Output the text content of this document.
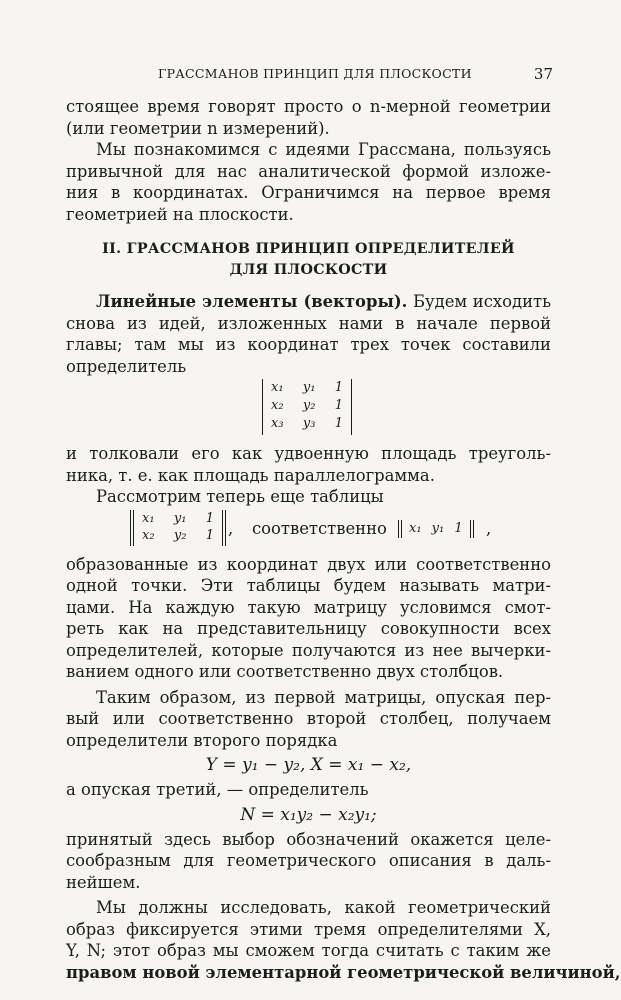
ГРАССМАНОВ ПРИНЦИП ДЛЯ ПЛОСКОСТИ	37
стоящее время говорят просто о n-мерной геометрии
(или геометрии n измерений).
Мы познакомимся с идеями Грассмана, пользуясь
привычной для нас аналитической формой изложе-
ния в координатах. Ограничимся на первое время
геометрией на плоскости.
II. ГРАССМАНОВ ПРИНЦИП ОПРЕДЕЛИТЕЛЕЙ
ДЛЯ ПЛОСКОСТИ
Линейные элементы (векторы). Будем исходить
снова из идей, изложенных нами в начале первой
главы; там мы из координат трех точек составили
определитель
x₁ y₁ 1
x₂ y₂ 1
x₃ y₃ 1
и толковали его как удвоенную площадь треуголь-
ника, т. е. как площадь параллелограмма.
Рассмотрим теперь еще таблицы
x₁ y₁ 1
x₂ y₂ 1 , соответственно	x₁ y₁ 1	,
образованные из координат двух или соответственно
одной точки. Эти таблицы будем называть матри-
цами. На каждую такую матрицу условимся смот-
реть как на представительницу совокупности всех
определителей, которые получаются из нее вычерки-
ванием одного или соответственно двух столбцов.
Таким образом, из первой матрицы, опуская пер-
вый или соответственно второй столбец, получаем
определители второго порядка
Y = y₁ − y₂, X = x₁ − x₂,
а опуская третий, — определитель
N = x₁y₂ − x₂y₁;
принятый здесь выбор обозначений окажется целе-
сообразным для геометрического описания в даль-
нейшем.
Мы должны исследовать, какой геометрический
образ фиксируется этими тремя определителями X,
Y, N; этот образ мы сможем тогда считать с таким же
правом новой элементарной геометрической величиной,
